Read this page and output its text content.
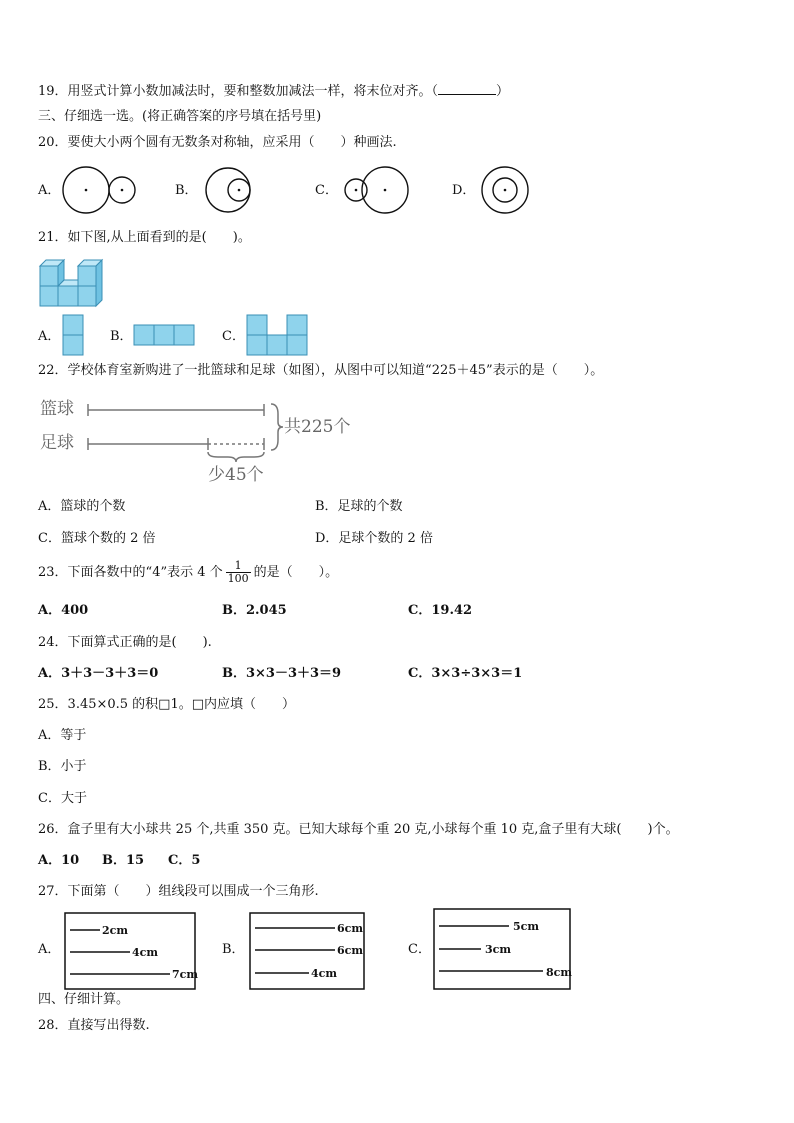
19．用竖式计算小数加减法时，要和整数加减法一样，将末位对齐。（	）
三、仔细选一选。(将正确答案的序号填在括号里)
20．要使大小两个圆有无数条对称轴，应采用（　　）种画法.
A．	B．	C．	D．
21．如下图,从上面看到的是(　　)。
A．	B．	C．
22．学校体育室新购进了一批篮球和足球（如图），从图中可以知道“225＋45”表示的是（　　）。
篮球
足球
共225个
少45个
A．篮球的个数	B．足球的个数
C．篮球个数的 2 倍	D．足球个数的 2 倍
23．下面各数中的“4”表示 4 个 $\frac{1}{100}$ 的是（　　）。
A．400	B．2.045	C．19.42
24．下面算式正确的是(　　).
A．3＋3－3＋3＝0	B．3×3－3＋3＝9	C．3×3÷3×3＝1
25．3.45×0.5 的积□1。□内应填（　　）
A．等于
B．小于
C．大于
26．盒子里有大小球共 25 个,共重 350 克。已知大球每个重 20 克,小球每个重 10 克,盒子里有大球(　　)个。
A．10 B．15 C．5
27．下面第（　　）组线段可以围成一个三角形.
A．
2cm
4cm
7cm
B．
6cm
6cm
4cm
C．
5cm
3cm
8cm
四、仔细计算。
28．直接写出得数.
